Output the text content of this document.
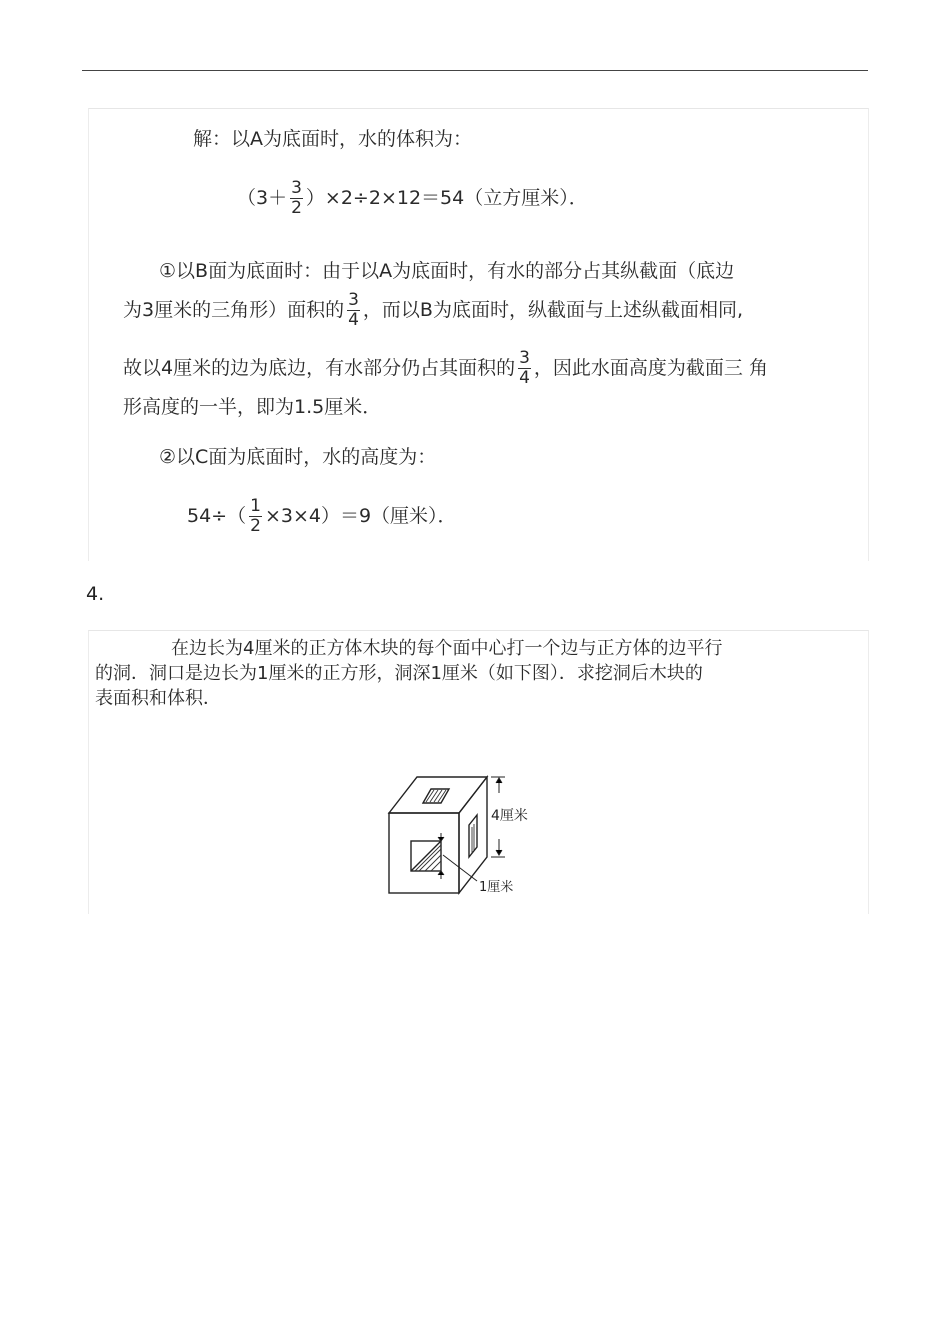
解：以A为底面时，水的体积为：
$(3+ \frac{3}{2} )\times 2\div 2\times 12=54$（立方厘米）．
①以B面为底面时：由于以A为底面时，有水的部分占其纵截面（底边
为3厘米的三角形）面积的 $\frac{3}{4}$ ，而以B为底面时，纵截面与上述纵截面相同,
故以4厘米的边为底边，有水部分仍占其面积的 $\frac{3}{4}$ ，因此水面高度为截面三 角
形高度的一半，即为1.5厘米．
②以C面为底面时，水的高度为：
$54\div( \frac{1}{2} \times 3\times 4)=9$（厘米）．
4.
在边长为4厘米的正方体木块的每个面中心打一个边与正方体的边平行
的洞．洞口是边长为1厘米的正方形，洞深1厘米（如下图）．求挖洞后木块的
表面积和体积．
4厘米
1厘米
